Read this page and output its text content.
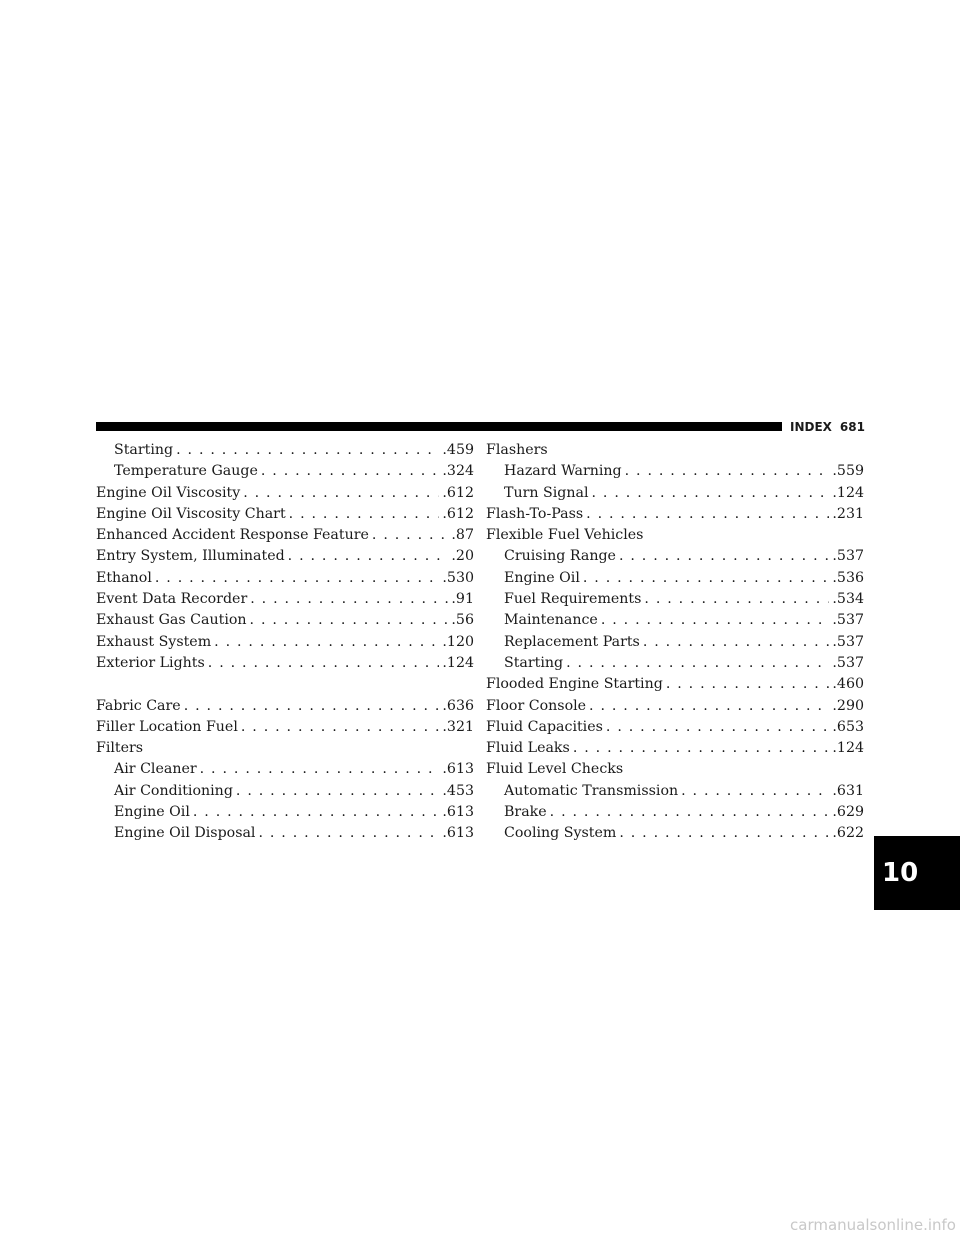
INDEX 681
Starting . . .	.459
Temperature Gauge . . .	.324
Engine Oil Viscosity . . .	.612
Engine Oil Viscosity Chart . . .	.612
Enhanced Accident Response Feature . . .	.87
Entry System, Illuminated . . .	.20
Ethanol . . .	.530
Event Data Recorder . . .	.91
Exhaust Gas Caution . . .	.56
Exhaust System . . .	.120
Exterior Lights . . .	.124
Fabric Care . . .	.636
Filler Location Fuel . . .	.321
Filters
Air Cleaner . . .	.613
Air Conditioning . . .	.453
Engine Oil . . .	.613
Engine Oil Disposal . . .	.613
Flashers
Hazard Warning . . .	.559
Turn Signal . . .	.124
Flash-To-Pass . . .	.231
Flexible Fuel Vehicles
Cruising Range . . .	.537
Engine Oil . . .	.536
Fuel Requirements . . .	.534
Maintenance . . .	.537
Replacement Parts . . .	.537
Starting . . .	.537
Flooded Engine Starting . . .	.460
Floor Console . . .	.290
Fluid Capacities . . .	.653
Fluid Leaks . . .	.124
Fluid Level Checks
Automatic Transmission . . .	.631
Brake . . .	.629
Cooling System . . .	.622
10
carmanualsonline.info
